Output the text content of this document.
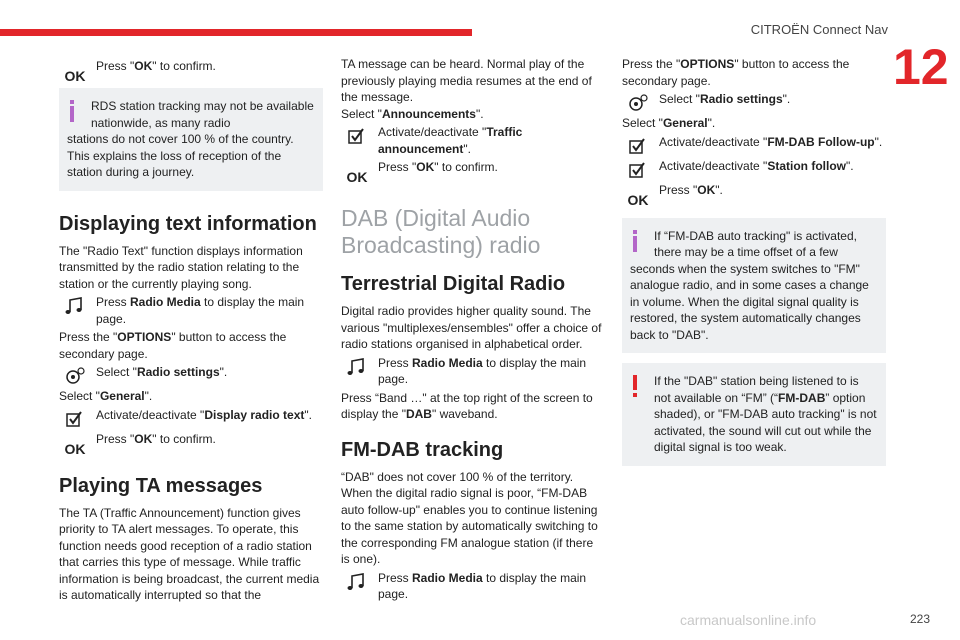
CITROËN Connect Nav
12
OK
Press "OK" to confirm.
RDS station tracking may not be available nationwide, as many radio
stations do not cover 100 % of the country. This explains the loss of reception of the station during a journey.
Displaying text information

The "Radio Text" function displays information transmitted by the radio station relating to the station or the currently playing song.

Press Radio Media to display the main page.

Press the "OPTIONS" button to access the secondary page.

Select "Radio settings".

Select "General".

Activate/deactivate "Display radio text".
OK
Press "OK" to confirm.
Playing TA messages

The TA (Traffic Announcement) function gives priority to TA alert messages. To operate, this function needs good reception of a radio station that carries this type of message. While traffic information is being broadcast, the current media is automatically interrupted so that the

TA message can be heard. Normal play of the previously playing media resumes at the end of the message.

Select "Announcements".

Activate/deactivate "Traffic announcement".
OK
Press "OK" to confirm.
DAB (Digital Audio Broadcasting) radio
Terrestrial Digital Radio

Digital radio provides higher quality sound. The various "multiplexes/ensembles" offer a choice of radio stations organised in alphabetical order.

Press Radio Media to display the main page.

Press “Band …" at the top right of the screen to display the "DAB" waveband.

FM-DAB tracking

“DAB" does not cover 100 % of the territory. When the digital radio signal is poor, “FM-DAB auto follow-up" enables you to continue listening to the same station by automatically switching to the corresponding FM analogue station (if there is one).

Press Radio Media to display the main page.

Press the "OPTIONS" button to access the secondary page.

Select "Radio settings".

Select "General".

Activate/deactivate "FM-DAB Follow-up".
Activate/deactivate "Station follow".
OK
Press "OK".
If “FM-DAB auto tracking" is activated, there may be a time offset of a few
seconds when the system switches to "FM" analogue radio, and in some cases a change in volume. When the digital signal quality is restored, the system automatically changes back to "DAB".
If the "DAB" station being listened to is not available on “FM” (“FM-DAB” option shaded), or "FM-DAB auto tracking" is not activated, the sound will cut out while the digital signal is too weak.
carmanualsonline.info	223
